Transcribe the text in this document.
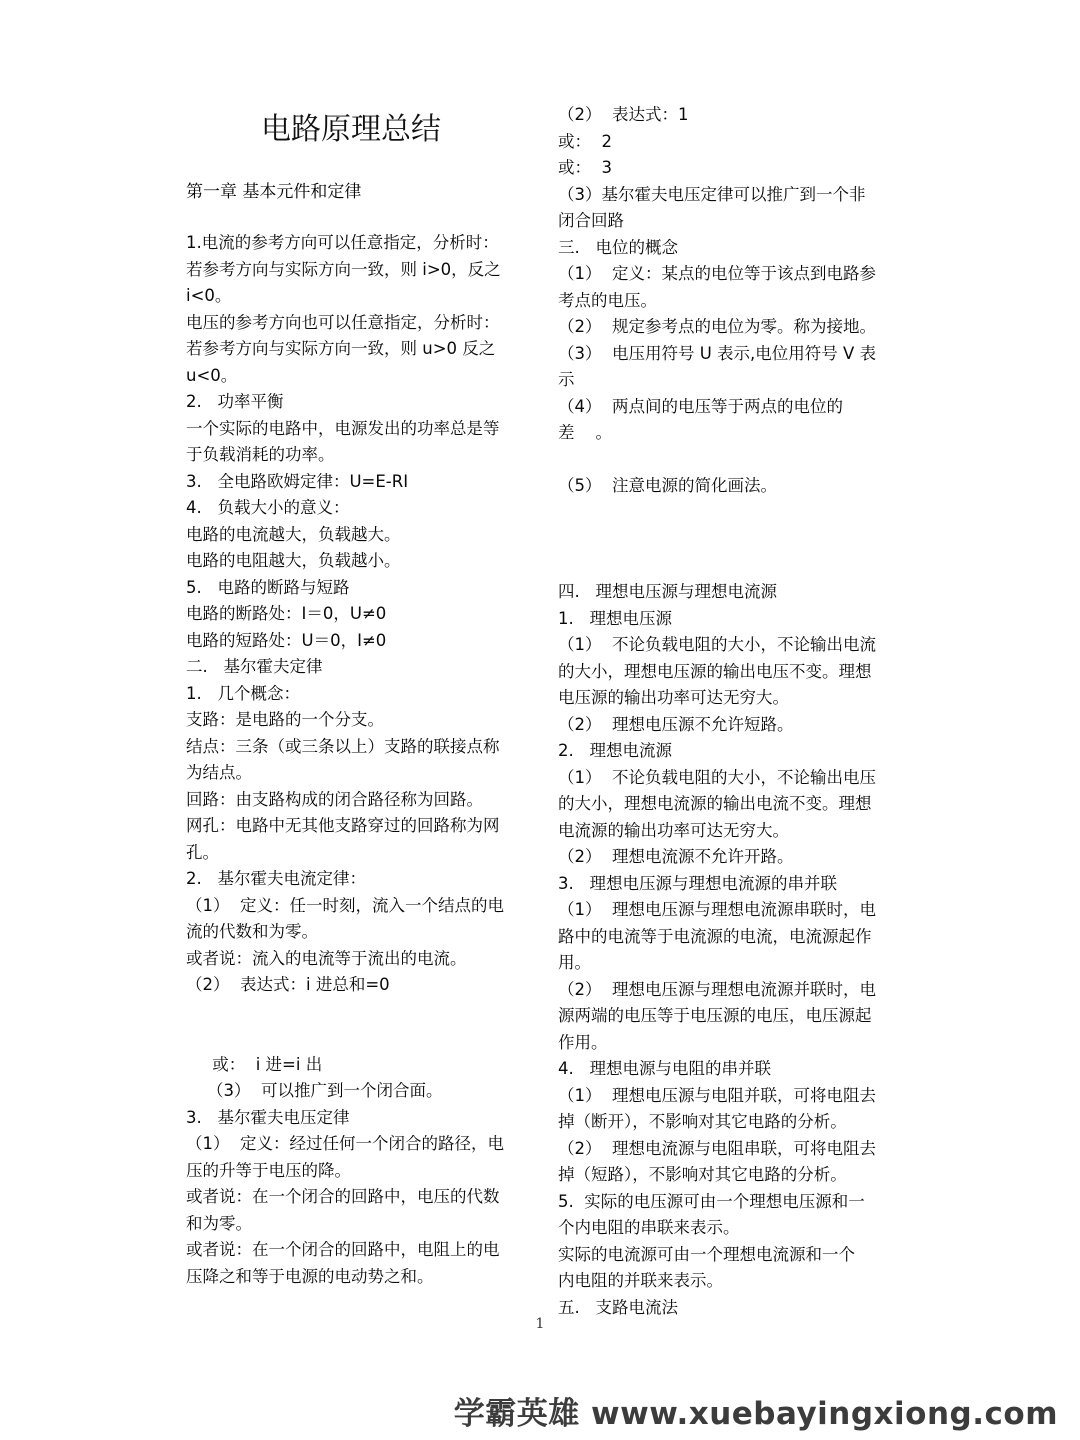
电路原理总结
第一章 基本元件和定律
1.电流的参考方向可以任意指定，分析时：
若参考方向与实际方向一致，则 i>0，反之
i<0。
电压的参考方向也可以任意指定，分析时：
若参考方向与实际方向一致，则 u>0 反之
u<0。
2.   功率平衡
一个实际的电路中，电源发出的功率总是等
于负载消耗的功率。
3.   全电路欧姆定律：U=E-RI
4.   负载大小的意义：
电路的电流越大，负载越大。
电路的电阻越大，负载越小。
5.   电路的断路与短路
电路的断路处：I＝0，U≠0
电路的短路处：U＝0，I≠0
二.   基尔霍夫定律
1.   几个概念：
支路：是电路的一个分支。
结点：三条（或三条以上）支路的联接点称
为结点。
回路：由支路构成的闭合路径称为回路。
网孔：电路中无其他支路穿过的回路称为网
孔。
2.   基尔霍夫电流定律：
（1）  定义：任一时刻，流入一个结点的电
流的代数和为零。
或者说：流入的电流等于流出的电流。
（2）  表达式：i 进总和=0
或：  i 进=i 出
（3）  可以推广到一个闭合面。
3.   基尔霍夫电压定律
（1）  定义：经过任何一个闭合的路径，电
压的升等于电压的降。
或者说：在一个闭合的回路中，电压的代数
和为零。
或者说：在一个闭合的回路中，电阻上的电
压降之和等于电源的电动势之和。
（2）  表达式：1
或：  2
或：  3
（3）基尔霍夫电压定律可以推广到一个非
闭合回路
三.   电位的概念
（1）  定义：某点的电位等于该点到电路参
考点的电压。
（2）  规定参考点的电位为零。称为接地。
（3）  电压用符号 U 表示,电位用符号 V 表
示
（4）  两点间的电压等于两点的电位的
差    。
（5）  注意电源的简化画法。
四.   理想电压源与理想电流源
1.   理想电压源
（1）  不论负载电阻的大小，不论输出电流
的大小，理想电压源的输出电压不变。理想
电压源的输出功率可达无穷大。
（2）  理想电压源不允许短路。
2.   理想电流源
（1）  不论负载电阻的大小，不论输出电压
的大小，理想电流源的输出电流不变。理想
电流源的输出功率可达无穷大。
（2）  理想电流源不允许开路。
3.   理想电压源与理想电流源的串并联
（1）  理想电压源与理想电流源串联时，电
路中的电流等于电流源的电流，电流源起作
用。
（2）  理想电压源与理想电流源并联时，电
源两端的电压等于电压源的电压，电压源起
作用。
4.   理想电源与电阻的串并联
（1）  理想电压源与电阻并联，可将电阻去
掉（断开），不影响对其它电路的分析。
（2）  理想电流源与电阻串联，可将电阻去
掉（短路），不影响对其它电路的分析。
5.  实际的电压源可由一个理想电压源和一
个内电阻的串联来表示。
实际的电流源可由一个理想电流源和一个
内电阻的并联来表示。
五.   支路电流法
1
学霸英雄 www.xuebayingxiong.com
